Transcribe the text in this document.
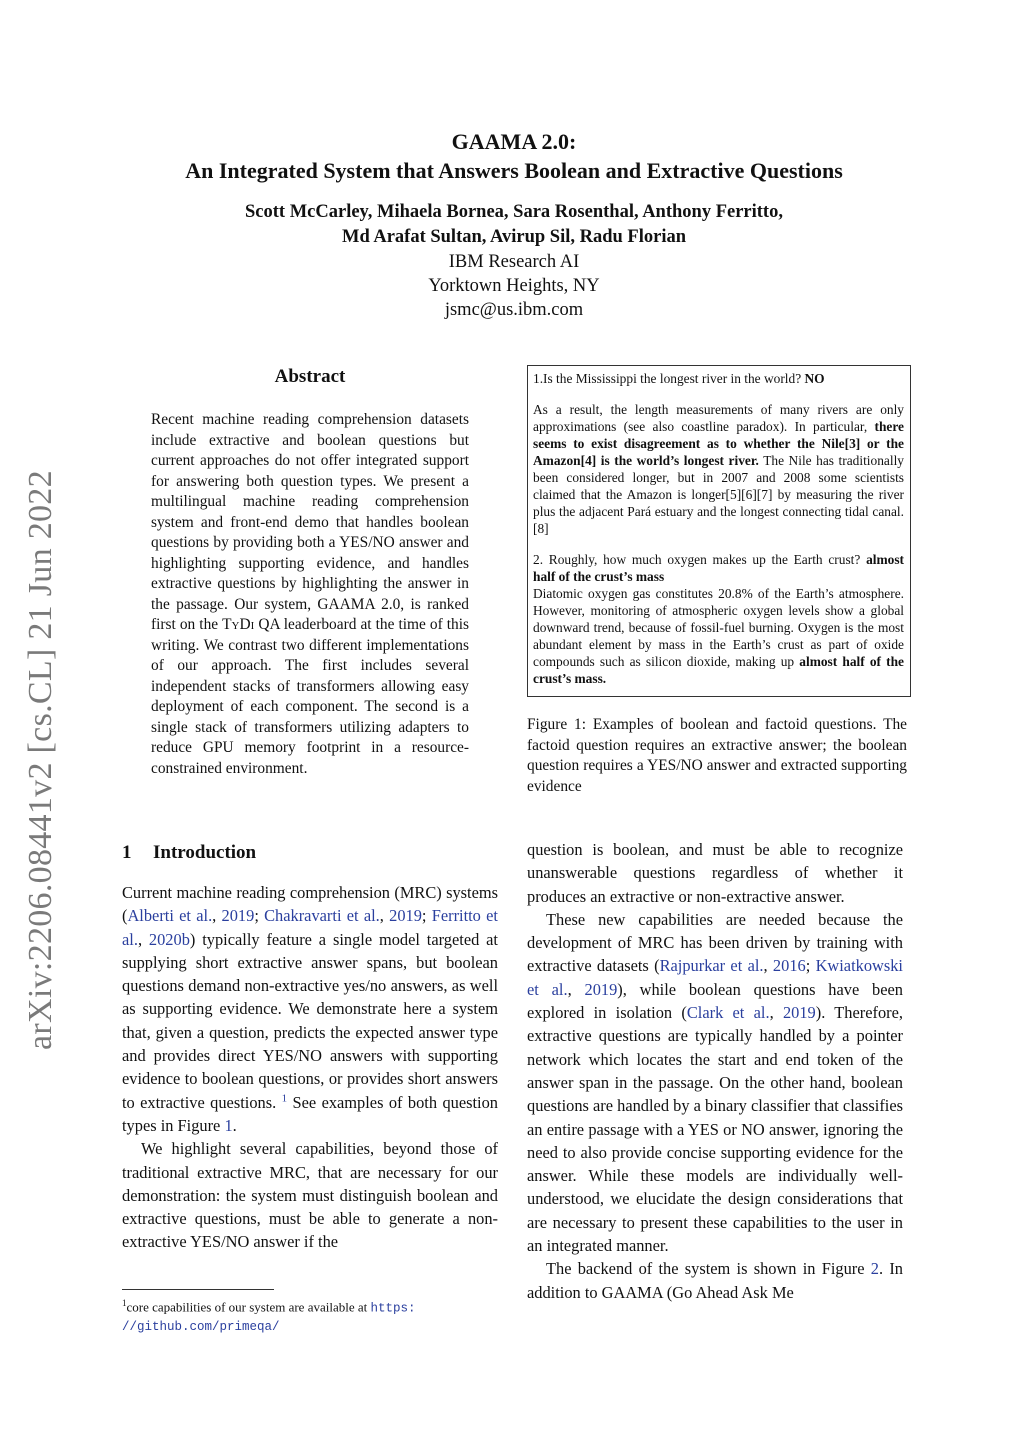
arXiv:2206.08441v2 [cs.CL] 21 Jun 2022
GAAMA 2.0:
An Integrated System that Answers Boolean and Extractive Questions
Scott McCarley, Mihaela Bornea, Sara Rosenthal, Anthony Ferritto,
Md Arafat Sultan, Avirup Sil, Radu Florian
IBM Research AI
Yorktown Heights, NY
jsmc@us.ibm.com
Abstract
Recent machine reading comprehension datasets include extractive and boolean questions but current approaches do not offer integrated support for answering both question types. We present a multilingual machine reading comprehension system and front-end demo that handles boolean questions by providing both a YES/NO answer and highlighting supporting evidence, and handles extractive questions by highlighting the answer in the passage. Our system, GAAMA 2.0, is ranked first on the TyDi QA leaderboard at the time of this writing. We contrast two different implementations of our approach. The first includes several independent stacks of transformers allowing easy deployment of each component. The second is a single stack of transformers utilizing adapters to reduce GPU memory footprint in a resource-constrained environment.
1 Introduction

Current machine reading comprehension (MRC) systems (Alberti et al., 2019; Chakravarti et al., 2019; Ferritto et al., 2020b) typically feature a single model targeted at supplying short extractive answer spans, but boolean questions demand non-extractive yes/no answers, as well as supporting evidence. We demonstrate here a system that, given a question, predicts the expected answer type and provides direct YES/NO answers with supporting evidence to boolean questions, or provides short answers to extractive questions. $^1$ See examples of both question types in Figure 1.

We highlight several capabilities, beyond those of traditional extractive MRC, that are necessary for our demonstration: the system must distinguish boolean and extractive questions, must be able to generate a non-extractive YES/NO answer if the

1.Is the Mississippi the longest river in the world? NO

As a result, the length measurements of many rivers are only approximations (see also coastline paradox). In particular, there seems to exist disagreement as to whether the Nile[3] or the Amazon[4] is the world’s longest river. The Nile has traditionally been considered longer, but in 2007 and 2008 some scientists claimed that the Amazon is longer[5][6][7] by measuring the river plus the adjacent Pará estuary and the longest connecting tidal canal.[8]

2. Roughly, how much oxygen makes up the Earth crust? almost half of the crust’s mass

Diatomic oxygen gas constitutes 20.8% of the Earth’s atmosphere. However, monitoring of atmospheric oxygen levels show a global downward trend, because of fossil-fuel burning. Oxygen is the most abundant element by mass in the Earth’s crust as part of oxide compounds such as silicon dioxide, making up almost half of the crust’s mass.

Figure 1: Examples of boolean and factoid questions. The factoid question requires an extractive answer; the boolean question requires a YES/NO answer and extracted supporting evidence

question is boolean, and must be able to recognize unanswerable questions regardless of whether it produces an extractive or non-extractive answer.

These new capabilities are needed because the development of MRC has been driven by training with extractive datasets (Rajpurkar et al., 2016; Kwiatkowski et al., 2019), while boolean questions have been explored in isolation (Clark et al., 2019). Therefore, extractive questions are typically handled by a pointer network which locates the start and end token of the answer span in the passage. On the other hand, boolean questions are handled by a binary classifier that classifies an entire passage with a YES or NO answer, ignoring the need to also provide concise supporting evidence for the answer. While these models are individually well-understood, we elucidate the design considerations that are necessary to present these capabilities to the user in an integrated manner.

The backend of the system is shown in Figure 2. In addition to GAAMA (Go Ahead Ask Me

$^1$core capabilities of our system are available at https:
//github.com/primeqa/
